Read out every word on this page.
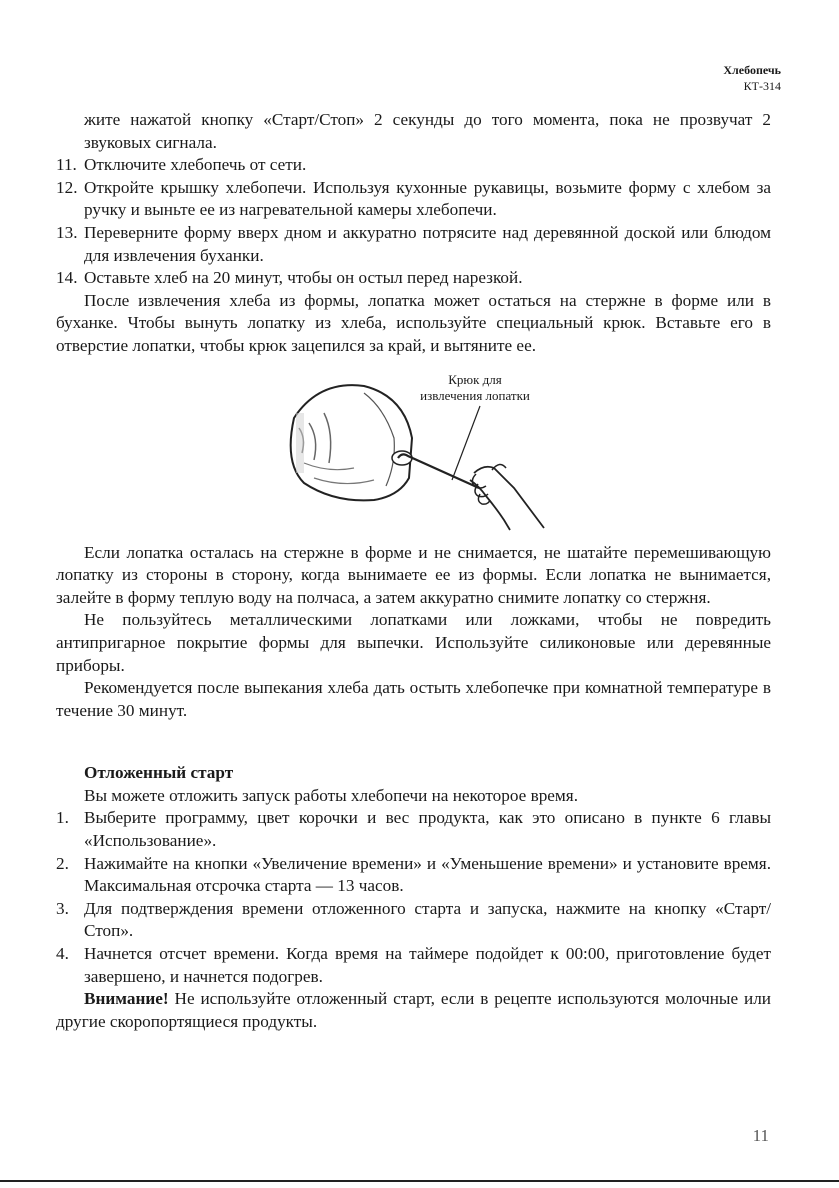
Хлебопечь
КТ-314

жите нажатой кнопку «Старт/Стоп» 2 секунды до того момента, пока не прозвучат 2 звуковых сигнала.

11. Отключите хлебопечь от сети.
12. Откройте крышку хлебопечи. Используя кухонные рукавицы, возьмите форму с хлебом за ручку и выньте ее из нагревательной камеры хлебопечи.
13. Переверните форму вверх дном и аккуратно потрясите над деревянной доской или блюдом для извлечения буханки.
14. Оставьте хлеб на 20 минут, чтобы он остыл перед нарезкой.

После извлечения хлеба из формы, лопатка может остаться на стержне в форме или в буханке. Чтобы вынуть лопатку из хлеба, используйте специальный крюк. Вставьте его в отверстие лопатки, чтобы крюк зацепился за край, и вытяните ее.

Крюк для
извлечения лопатки

Если лопатка осталась на стержне в форме и не снимается, не шатайте перемешивающую лопатку из стороны в сторону, когда вынимаете ее из формы. Если лопатка не вынимается, залейте в форму теплую воду на полчаса, а затем аккуратно снимите лопатку со стержня.

Не пользуйтесь металлическими лопатками или ложками, чтобы не повредить антипригарное покрытие формы для выпечки. Используйте силиконовые или деревянные приборы.

Рекомендуется после выпекания хлеба дать остыть хлебопечке при комнатной температуре в течение 30 минут.

Отложенный старт

Вы можете отложить запуск работы хлебопечи на некоторое время.

1. Выберите программу, цвет корочки и вес продукта, как это описано в пункте 6 главы «Использование».
2. Нажимайте на кнопки «Увеличение времени» и «Уменьшение времени» и установите время. Максимальная отсрочка старта — 13 часов.
3. Для подтверждения времени отложенного старта и запуска, нажмите на кнопку «Старт/Стоп».
4. Начнется отсчет времени. Когда время на таймере подойдет к 00:00, приготовление будет завершено, и начнется подогрев.

Внимание! Не используйте отложенный старт, если в рецепте используются молочные или другие скоропортящиеся продукты.

11
